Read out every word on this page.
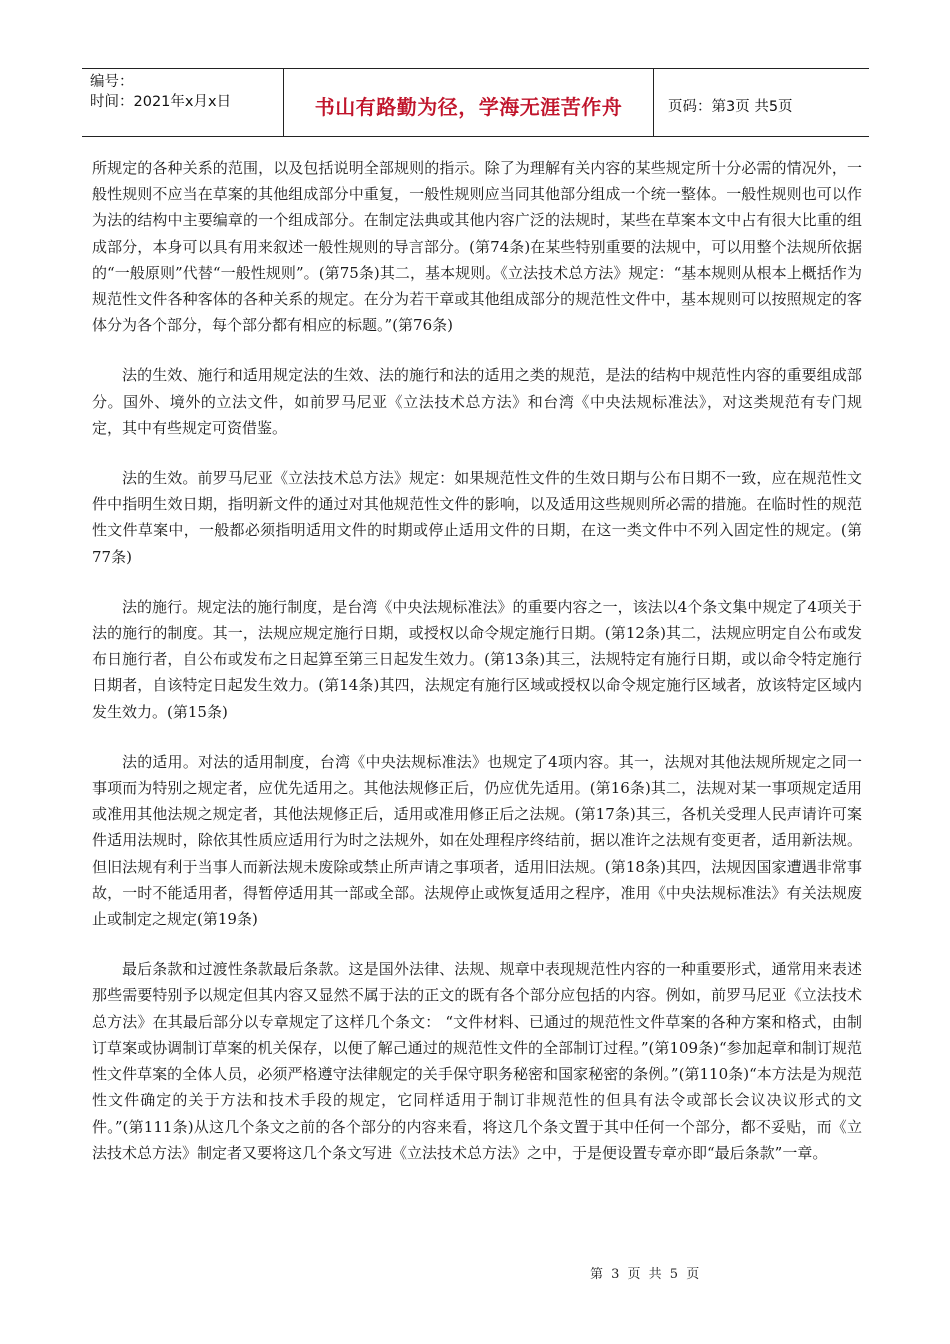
编号：
时间：2021年x月x日	书山有路勤为径，学海无涯苦作舟	页码：第3页 共5页

所规定的各种关系的范围，以及包括说明全部规则的指示。除了为理解有关内容的某些规定所十分必需的情况外，一般性规则不应当在草案的其他组成部分中重复，一般性规则应当同其他部分组成一个统一整体。一般性规则也可以作为法的结构中主要编章的一个组成部分。在制定法典或其他内容广泛的法规时，某些在草案本文中占有很大比重的组成部分，本身可以具有用来叙述一般性规则的导言部分。(第74条)在某些特别重要的法规中，可以用整个法规所依据的“一般原则”代替“一般性规则”。(第75条)其二，基本规则。《立法技术总方法》规定：“基本规则从根本上概括作为规范性文件各种客体的各种关系的规定。在分为若干章或其他组成部分的规范性文件中，基本规则可以按照规定的客体分为各个部分，每个部分都有相应的标题。”(第76条)

法的生效、施行和适用规定法的生效、法的施行和法的适用之类的规范，是法的结构中规范性内容的重要组成部分。国外、境外的立法文件，如前罗马尼亚《立法技术总方法》和台湾《中央法规标准法》，对这类规范有专门规定，其中有些规定可资借鉴。

法的生效。前罗马尼亚《立法技术总方法》规定：如果规范性文件的生效日期与公布日期不一致，应在规范性文件中指明生效日期，指明新文件的通过对其他规范性文件的影响，以及适用这些规则所必需的措施。在临时性的规范性文件草案中，一般都必须指明适用文件的时期或停止适用文件的日期，在这一类文件中不列入固定性的规定。(第77条)

法的施行。规定法的施行制度，是台湾《中央法规标准法》的重要内容之一，该法以4个条文集中规定了4项关于法的施行的制度。其一，法规应规定施行日期，或授权以命令规定施行日期。(第12条)其二，法规应明定自公布或发布日施行者，自公布或发布之日起算至第三日起发生效力。(第13条)其三，法规特定有施行日期，或以命令特定施行日期者，自该特定日起发生效力。(第14条)其四，法规定有施行区域或授权以命令规定施行区域者，放该特定区域内发生效力。(第15条)

法的适用。对法的适用制度，台湾《中央法规标准法》也规定了4项内容。其一，法规对其他法规所规定之同一事项而为特别之规定者，应优先适用之。其他法规修正后，仍应优先适用。(第16条)其二，法规对某一事项规定适用或准用其他法规之规定者，其他法规修正后，适用或准用修正后之法规。(第17条)其三，各机关受理人民声请许可案件适用法规时，除依其性质应适用行为时之法规外，如在处理程序终结前，据以准许之法规有变更者，适用新法规。但旧法规有利于当事人而新法规未废除或禁止所声请之事项者，适用旧法规。(第18条)其四，法规因国家遭遇非常事故，一时不能适用者，得暂停适用其一部或全部。法规停止或恢复适用之程序，准用《中央法规标准法》有关法规废止或制定之规定(第19条)

最后条款和过渡性条款最后条款。这是国外法律、法规、规章中表现规范性内容的一种重要形式，通常用来表述那些需要特别予以规定但其内容又显然不属于法的正文的既有各个部分应包括的内容。例如，前罗马尼亚《立法技术总方法》在其最后部分以专章规定了这样几个条文： “文件材料、已通过的规范性文件草案的各种方案和格式，由制订草案或协调制订草案的机关保存，以便了解己通过的规范性文件的全部制订过程。”(第109条)“参加起章和制订规范性文件草案的全体人员，必须严格遵守法律舰定的关手保守职务秘密和国家秘密的条例。”(第110条)“本方法是为规范性文件确定的关于方法和技术手段的规定，它同样适用于制订非规范性的但具有法令或部长会议决议形式的文件。”(第111条)从这几个条文之前的各个部分的内容来看，将这几个条文置于其中任何一个部分，都不妥贴，而《立法技术总方法》制定者又要将这几个条文写进《立法技术总方法》之中，于是便设置专章亦即“最后条款”一章。

第 3 页 共 5 页
